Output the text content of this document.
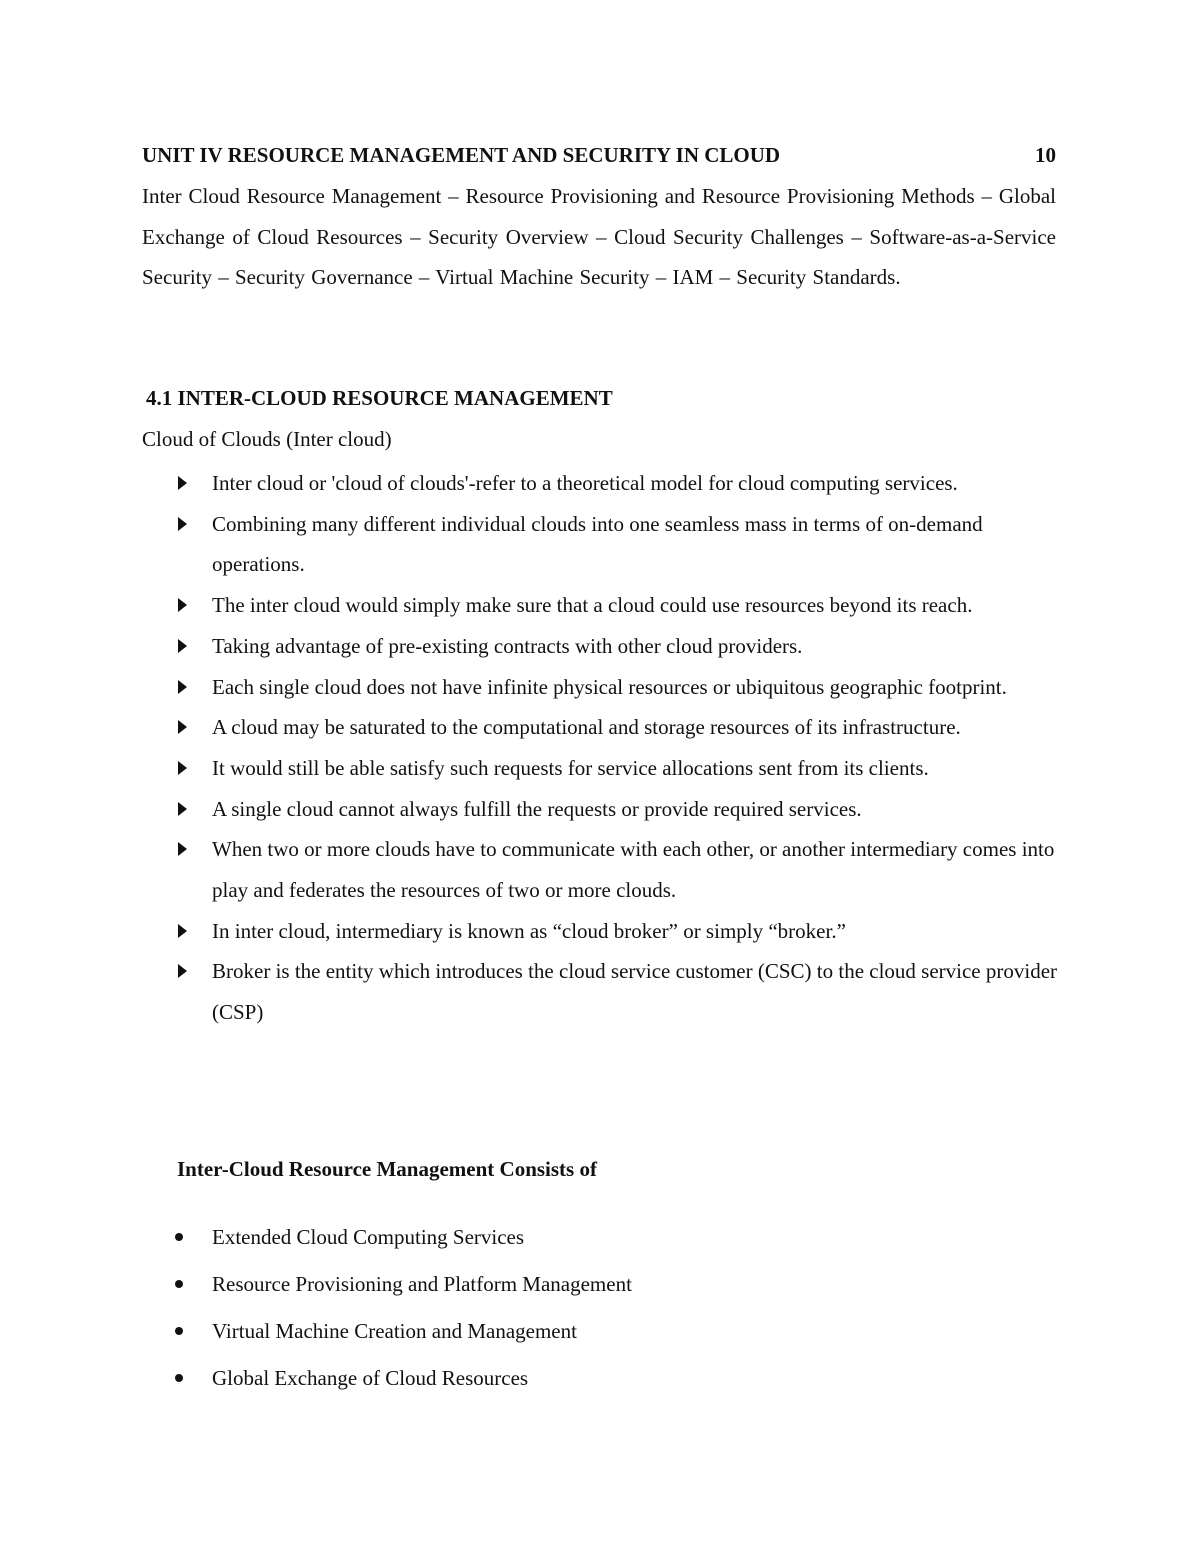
UNIT IV RESOURCE MANAGEMENT AND SECURITY IN CLOUD	10
Inter Cloud Resource Management – Resource Provisioning and Resource Provisioning Methods – Global Exchange of Cloud Resources – Security Overview – Cloud Security Challenges – Software-as-a-Service Security – Security Governance – Virtual Machine Security – IAM – Security Standards.
4.1 INTER-CLOUD RESOURCE MANAGEMENT
Cloud of Clouds (Inter cloud)
Inter cloud or 'cloud of clouds'-refer to a theoretical model for cloud computing services.
Combining many different individual clouds into one seamless mass in terms of on-demand operations.
The inter cloud would simply make sure that a cloud could use resources beyond its reach.
Taking advantage of pre-existing contracts with other cloud providers.
Each single cloud does not have infinite physical resources or ubiquitous geographic footprint.
A cloud may be saturated to the computational and storage resources of its infrastructure.
It would still be able satisfy such requests for service allocations sent from its clients.
A single cloud cannot always fulfill the requests or provide required services.
When two or more clouds have to communicate with each other, or another intermediary comes into play and federates the resources of two or more clouds.
In inter cloud, intermediary is known as “cloud broker” or simply “broker.”
Broker is the entity which introduces the cloud service customer (CSC) to the cloud service provider (CSP)
Inter-Cloud Resource Management Consists of
Extended Cloud Computing Services
Resource Provisioning and Platform Management
Virtual Machine Creation and Management
Global Exchange of Cloud Resources
